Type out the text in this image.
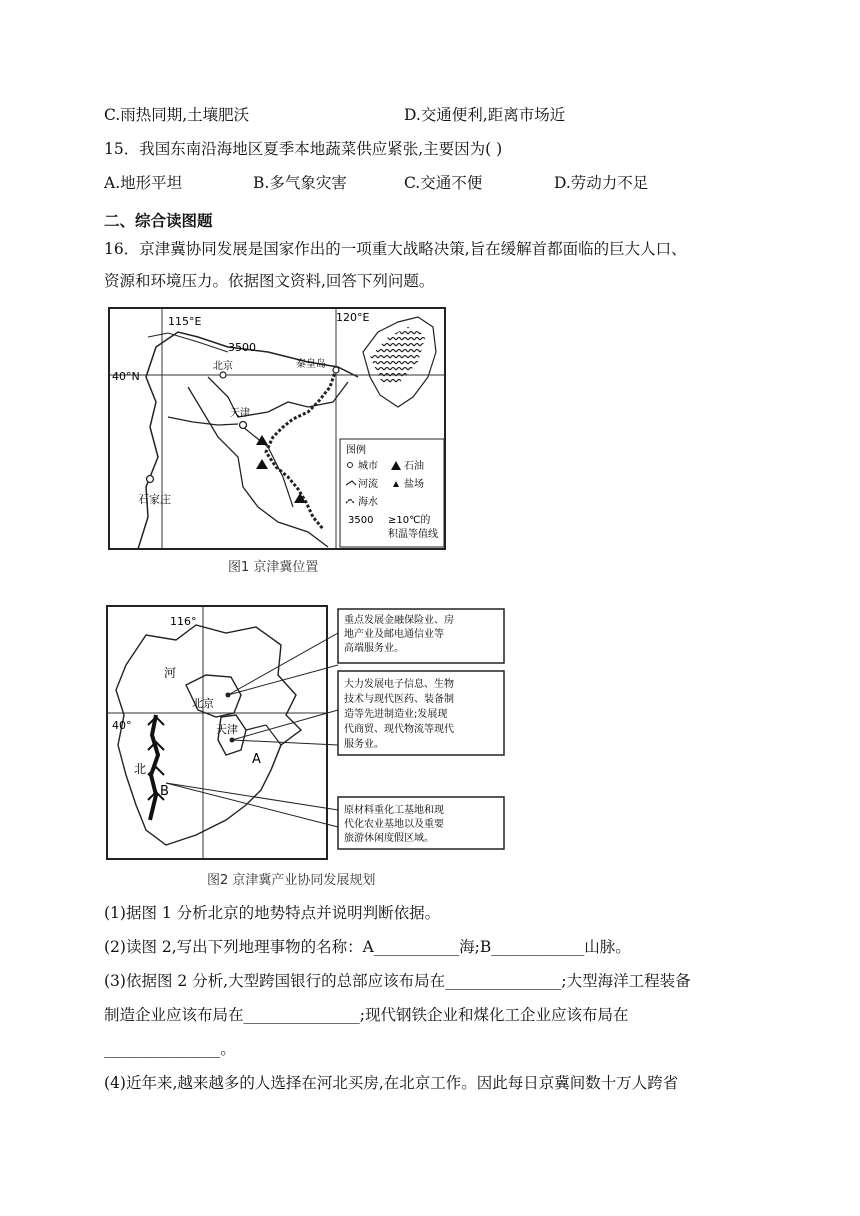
C.雨热同期,土壤肥沃	D.交通便利,距离市场近
15．我国东南沿海地区夏季本地蔬菜供应紧张,主要因为( )
A.地形平坦	B.多气象灾害	C.交通不便	D.劳动力不足
二、综合读图题
16．京津冀协同发展是国家作出的一项重大战略决策,旨在缓解首都面临的巨大人口、
资源和环境压力。依据图文资料,回答下列问题。
115°E	120°E
40°N
3500
北京	秦皇岛
天津
石家庄
图例
城市	石油
河流	盐场
海水
3500 ≥10℃的
积温等值线
图1 京津冀位置
116°
40°
河
北
北京
天津
A
B
重点发展金融保险业、房
地产业及邮电通信业等
高端服务业。
大力发展电子信息、生物
技术与现代医药、装备制
造等先进制造业;发展现
代商贸、现代物流等现代
服务业。
原材料重化工基地和现
代化农业基地以及重要
旅游休闲度假区域。
图2 京津冀产业协同发展规划
(1)据图 1 分析北京的地势特点并说明判断依据。
(2)读图 2,写出下列地理事物的名称：A___________海;B____________山脉。
(3)依据图 2 分析,大型跨国银行的总部应该布局在_______________;大型海洋工程装备
制造企业应该布局在_______________;现代钢铁企业和煤化工企业应该布局在
_______________。
(4)近年来,越来越多的人选择在河北买房,在北京工作。因此每日京冀间数十万人跨省
